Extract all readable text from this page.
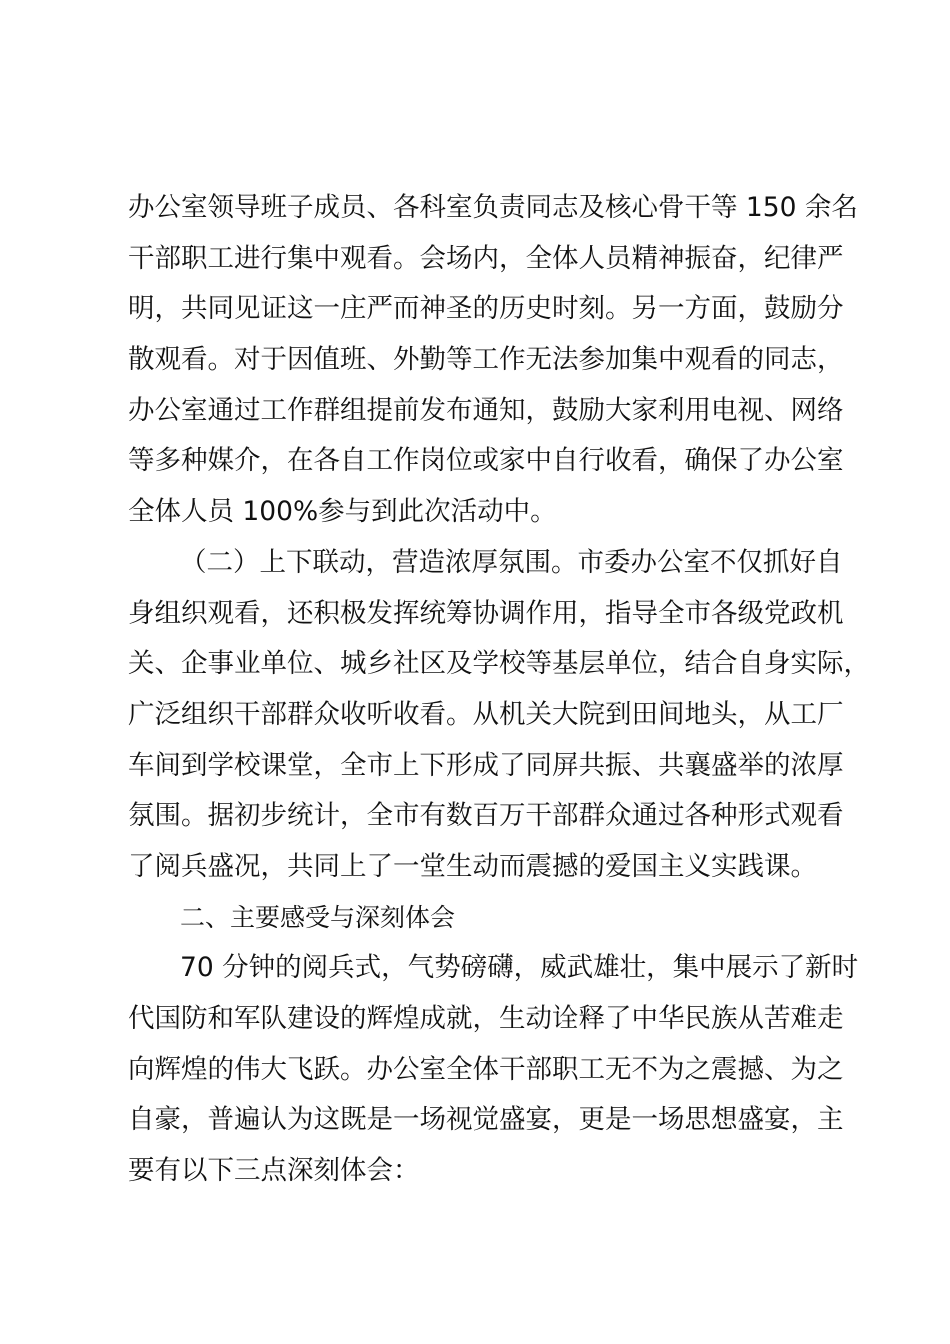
办公室领导班子成员、各科室负责同志及核心骨干等 150 余名
干部职工进行集中观看。会场内，全体人员精神振奋，纪律严
明，共同见证这一庄严而神圣的历史时刻。另一方面，鼓励分
散观看。对于因值班、外勤等工作无法参加集中观看的同志，
办公室通过工作群组提前发布通知，鼓励大家利用电视、网络
等多种媒介，在各自工作岗位或家中自行收看，确保了办公室
全体人员 100%参与到此次活动中。
（二）上下联动，营造浓厚氛围。市委办公室不仅抓好自
身组织观看，还积极发挥统筹协调作用，指导全市各级党政机
关、企事业单位、城乡社区及学校等基层单位，结合自身实际，
广泛组织干部群众收听收看。从机关大院到田间地头，从工厂
车间到学校课堂，全市上下形成了同屏共振、共襄盛举的浓厚
氛围。据初步统计，全市有数百万干部群众通过各种形式观看
了阅兵盛况，共同上了一堂生动而震撼的爱国主义实践课。
二、主要感受与深刻体会
70 分钟的阅兵式，气势磅礴，威武雄壮，集中展示了新时
代国防和军队建设的辉煌成就，生动诠释了中华民族从苦难走
向辉煌的伟大飞跃。办公室全体干部职工无不为之震撼、为之
自豪，普遍认为这既是一场视觉盛宴，更是一场思想盛宴，主
要有以下三点深刻体会：
